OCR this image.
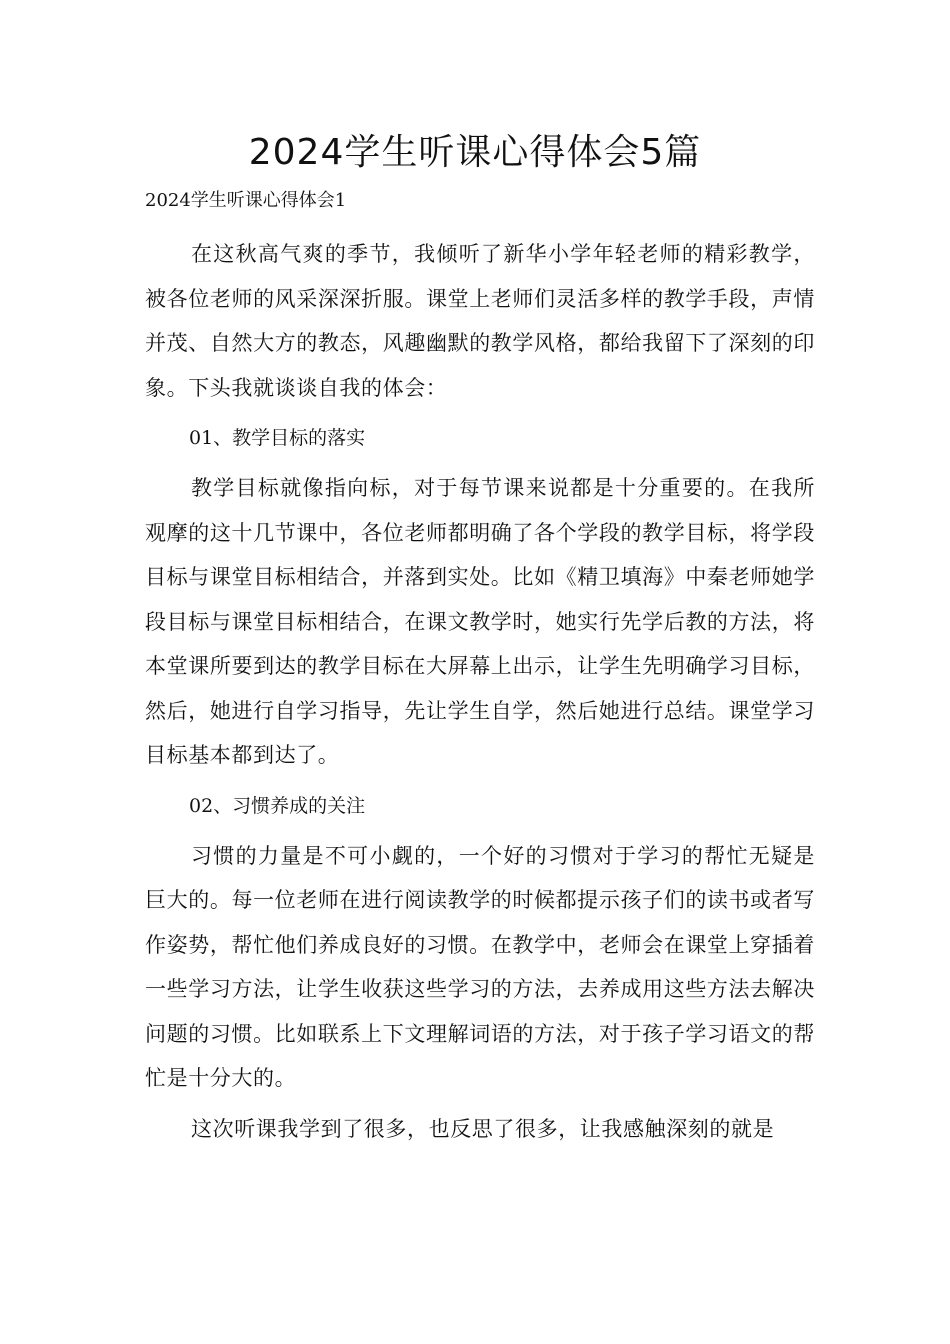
2024学生听课心得体会5篇

2024学生听课心得体会1

在这秋高气爽的季节，我倾听了新华小学年轻老师的精彩教学，被各位老师的风采深深折服。课堂上老师们灵活多样的教学手段，声情并茂、自然大方的教态，风趣幽默的教学风格，都给我留下了深刻的印象。下头我就谈谈自我的体会：

01、教学目标的落实

教学目标就像指向标，对于每节课来说都是十分重要的。在我所观摩的这十几节课中，各位老师都明确了各个学段的教学目标，将学段目标与课堂目标相结合，并落到实处。比如《精卫填海》中秦老师她学段目标与课堂目标相结合，在课文教学时，她实行先学后教的方法，将本堂课所要到达的教学目标在大屏幕上出示，让学生先明确学习目标，然后，她进行自学习指导，先让学生自学，然后她进行总结。课堂学习目标基本都到达了。

02、习惯养成的关注

习惯的力量是不可小觑的，一个好的习惯对于学习的帮忙无疑是巨大的。每一位老师在进行阅读教学的时候都提示孩子们的读书或者写作姿势，帮忙他们养成良好的习惯。在教学中，老师会在课堂上穿插着一些学习方法，让学生收获这些学习的方法，去养成用这些方法去解决问题的习惯。比如联系上下文理解词语的方法，对于孩子学习语文的帮忙是十分大的。

这次听课我学到了很多，也反思了很多，让我感触深刻的就是
